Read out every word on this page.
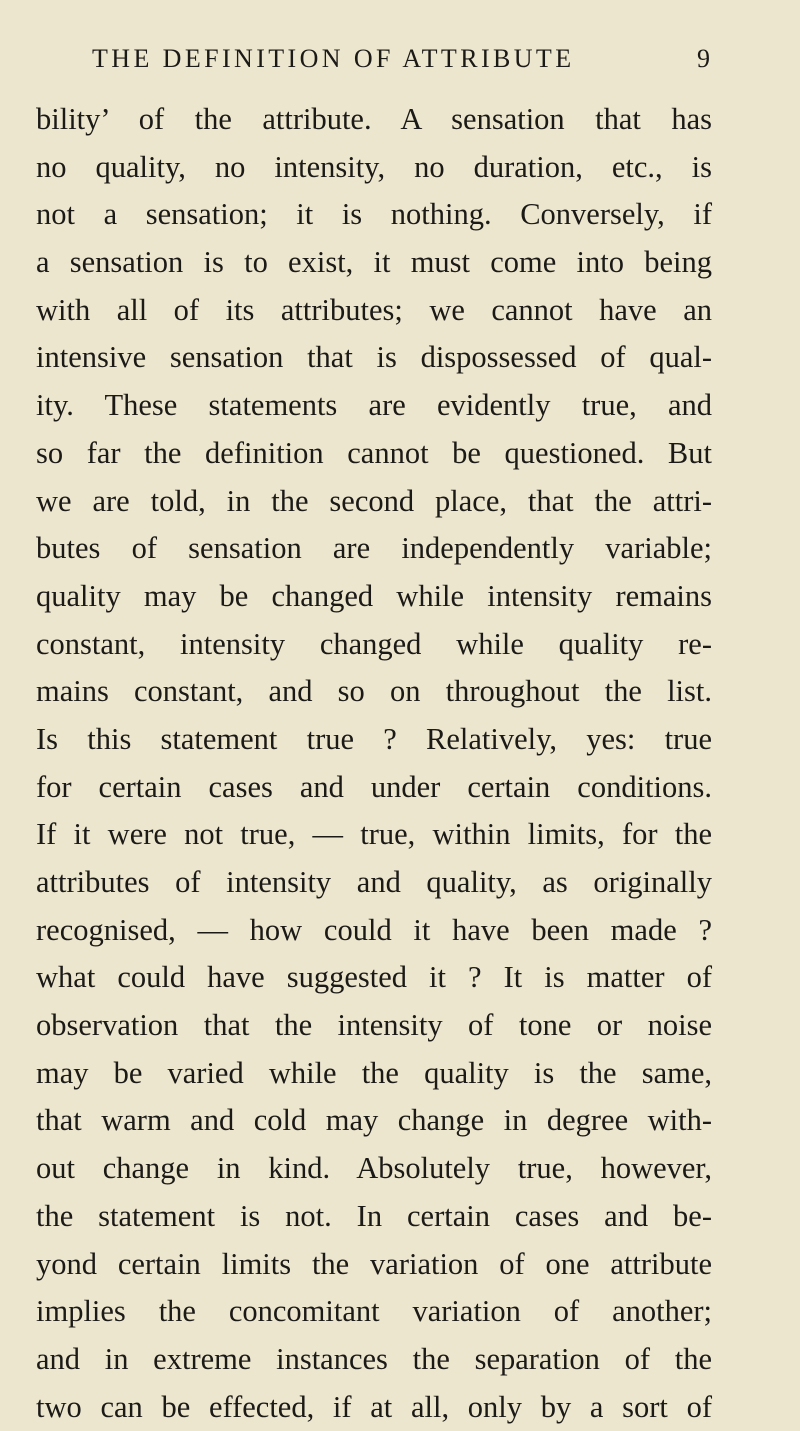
THE DEFINITION OF ATTRIBUTE	9
bility’ of the attribute. A sensation that has
no quality, no intensity, no duration, etc., is
not a sensation; it is nothing. Conversely, if
a sensation is to exist, it must come into being
with all of its attributes; we cannot have an
intensive sensation that is dispossessed of qual-
ity. These statements are evidently true, and
so far the definition cannot be questioned. But
we are told, in the second place, that the attri-
butes of sensation are independently variable;
quality may be changed while intensity remains
constant, intensity changed while quality re-
mains constant, and so on throughout the list.
Is this statement true ? Relatively, yes: true
for certain cases and under certain conditions.
If it were not true, — true, within limits, for the
attributes of intensity and quality, as originally
recognised, — how could it have been made ?
what could have suggested it ? It is matter of
observation that the intensity of tone or noise
may be varied while the quality is the same,
that warm and cold may change in degree with-
out change in kind. Absolutely true, however,
the statement is not. In certain cases and be-
yond certain limits the variation of one attribute
implies the concomitant variation of another;
and in extreme instances the separation of the
two can be effected, if at all, only by a sort of
